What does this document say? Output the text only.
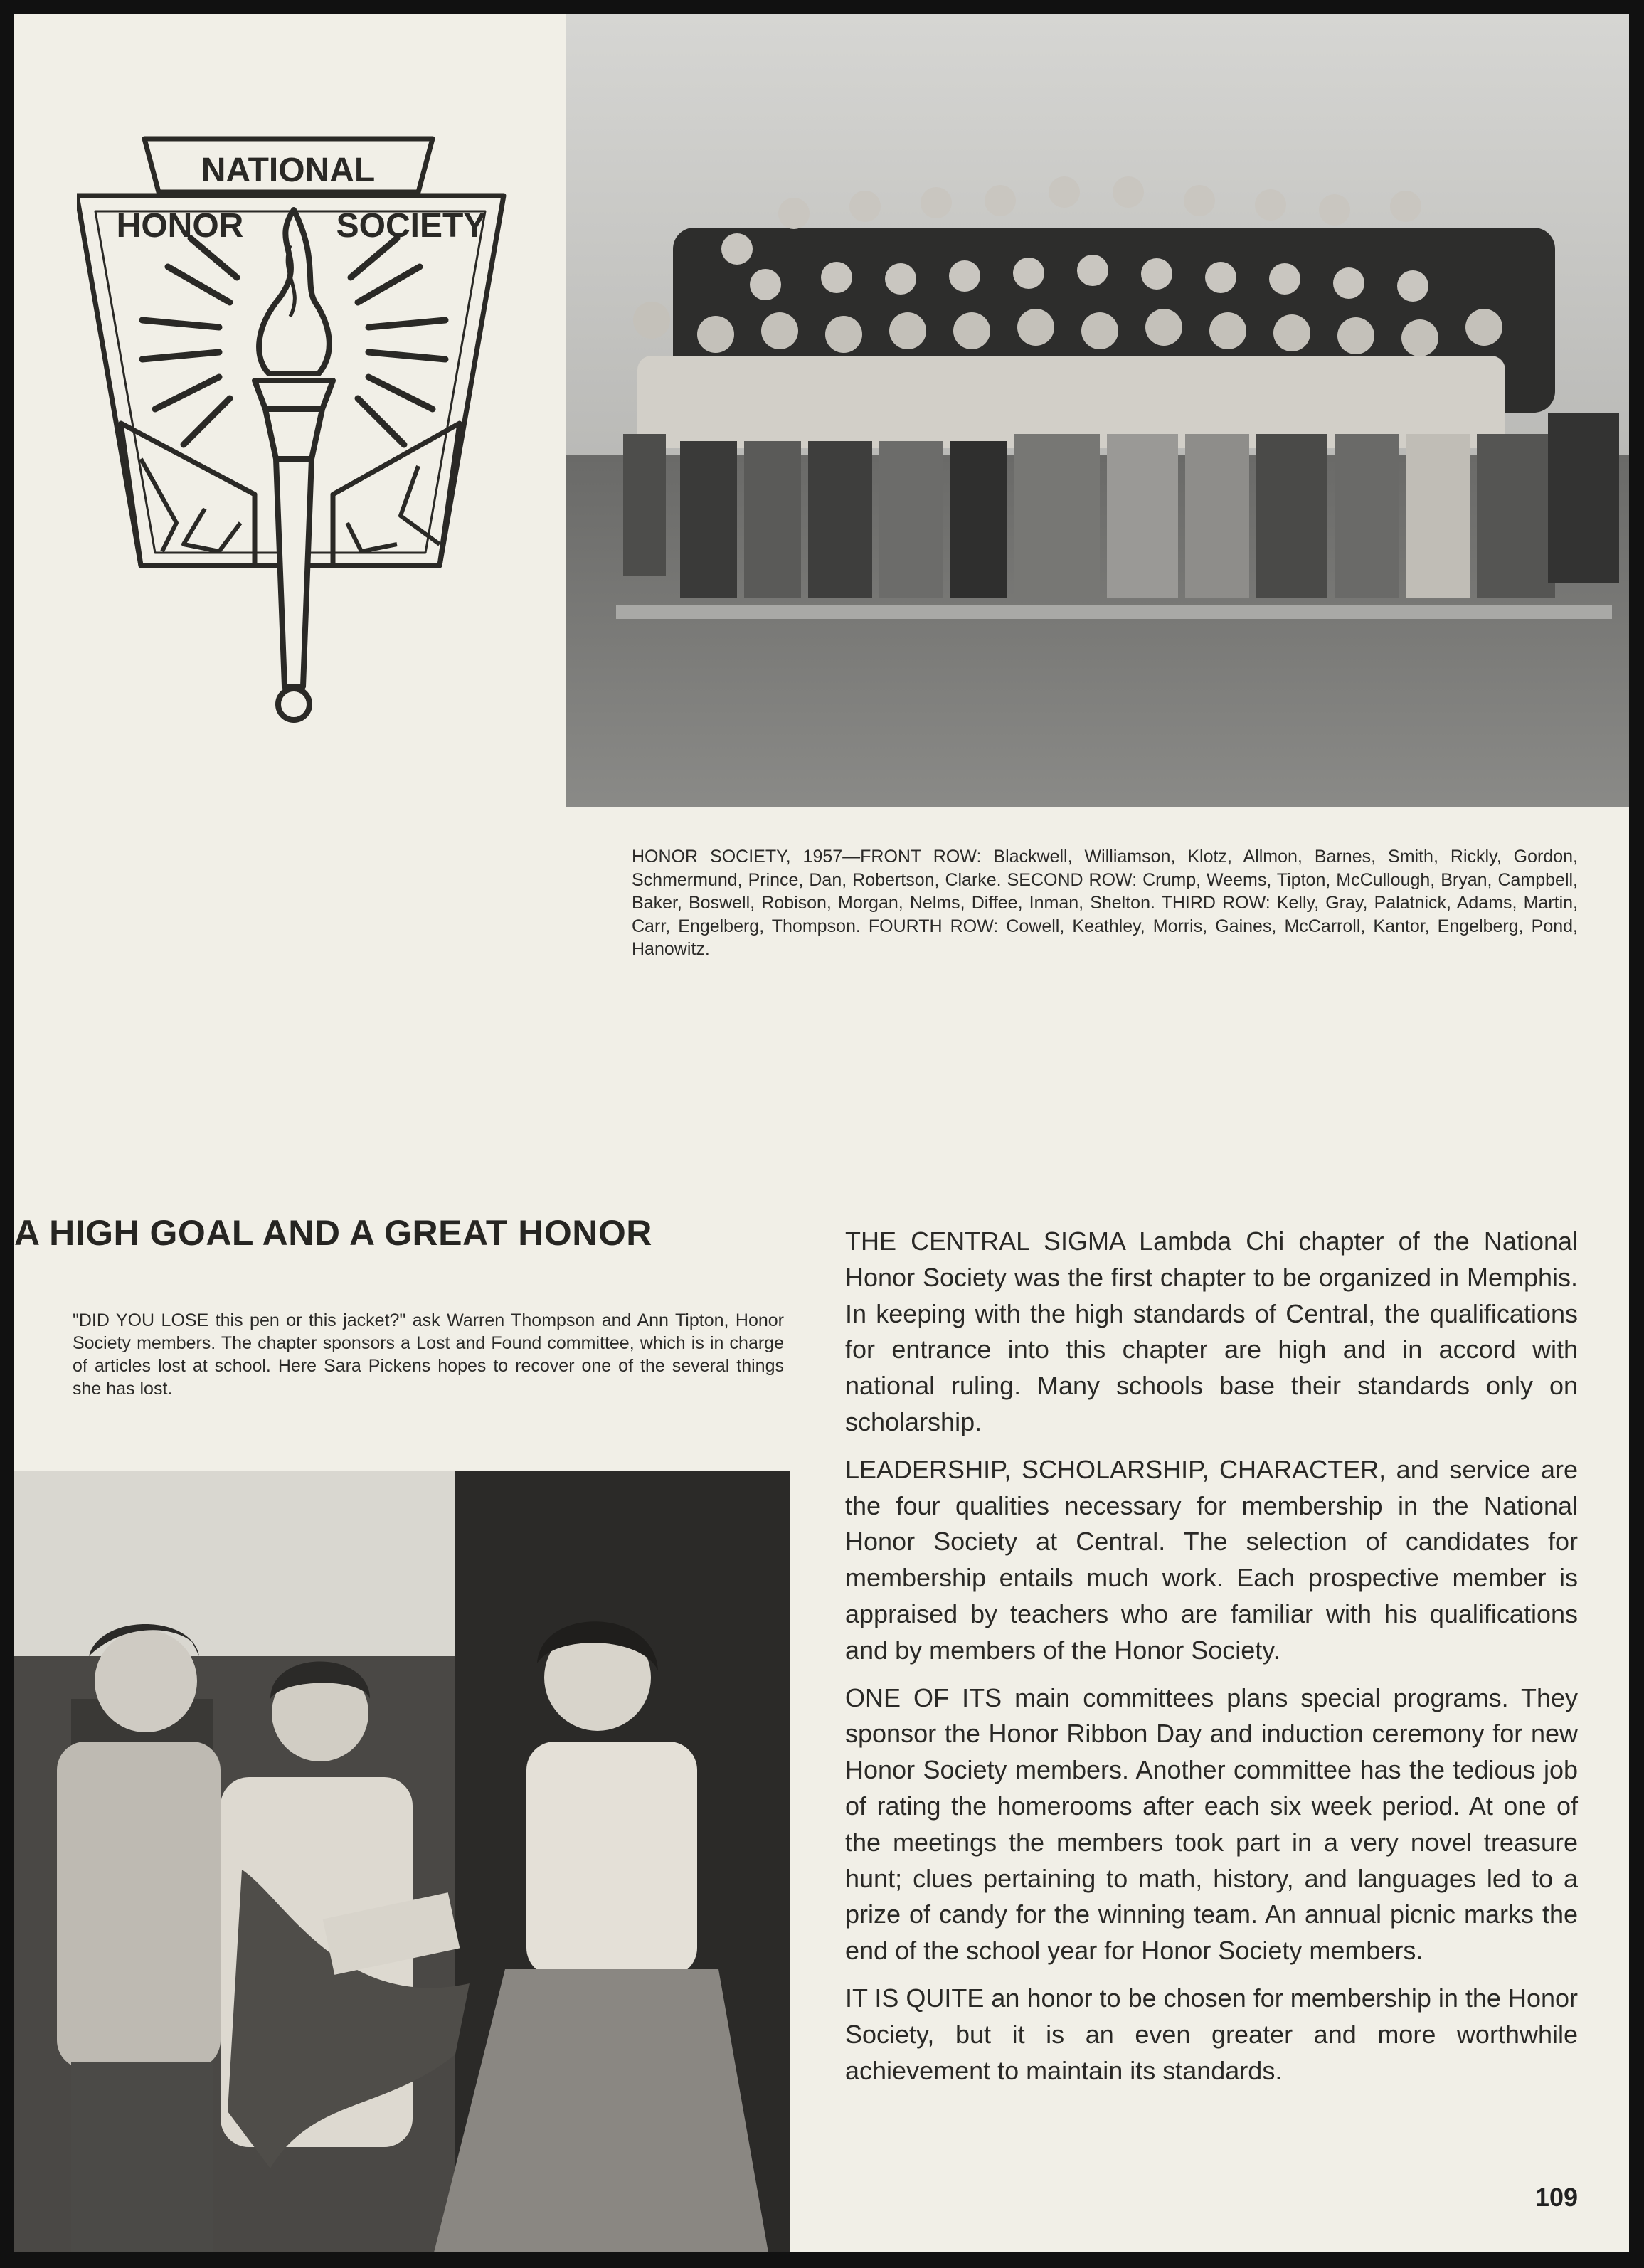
NATIONAL
HONOR	SOCIETY
HONOR SOCIETY, 1957—FRONT ROW: Blackwell, Williamson, Klotz, Allmon, Barnes, Smith, Rickly, Gordon, Schmermund, Prince, Dan, Robertson, Clarke. SECOND ROW: Crump, Weems, Tipton, McCullough, Bryan, Campbell, Baker, Boswell, Robison, Morgan, Nelms, Diffee, Inman, Shelton. THIRD ROW: Kelly, Gray, Palatnick, Adams, Martin, Carr, Engelberg, Thompson. FOURTH ROW: Cowell, Keathley, Morris, Gaines, McCarroll, Kantor, Engelberg, Pond, Hanowitz.
A HIGH GOAL AND A GREAT HONOR
"DID YOU LOSE this pen or this jacket?" ask Warren Thompson and Ann Tipton, Honor Society members. The chapter sponsors a Lost and Found committee, which is in charge of articles lost at school. Here Sara Pickens hopes to recover one of the several things she has lost.

THE CENTRAL SIGMA Lambda Chi chapter of the National Honor Society was the first chapter to be organized in Memphis. In keeping with the high standards of Central, the qualifications for entrance into this chapter are high and in accord with national ruling. Many schools base their standards only on scholarship.

LEADERSHIP, SCHOLARSHIP, CHARACTER, and service are the four qualities necessary for membership in the National Honor Society at Central. The selection of candidates for membership entails much work. Each prospective member is appraised by teachers who are familiar with his qualifications and by members of the Honor Society.

ONE OF ITS main committees plans special programs. They sponsor the Honor Ribbon Day and induction ceremony for new Honor Society members. Another committee has the tedious job of rating the homerooms after each six week period. At one of the meetings the members took part in a very novel treasure hunt; clues pertaining to math, history, and languages led to a prize of candy for the winning team. An annual picnic marks the end of the school year for Honor Society members.

IT IS QUITE an honor to be chosen for membership in the Honor Society, but it is an even greater and more worthwhile achievement to maintain its standards.

109
